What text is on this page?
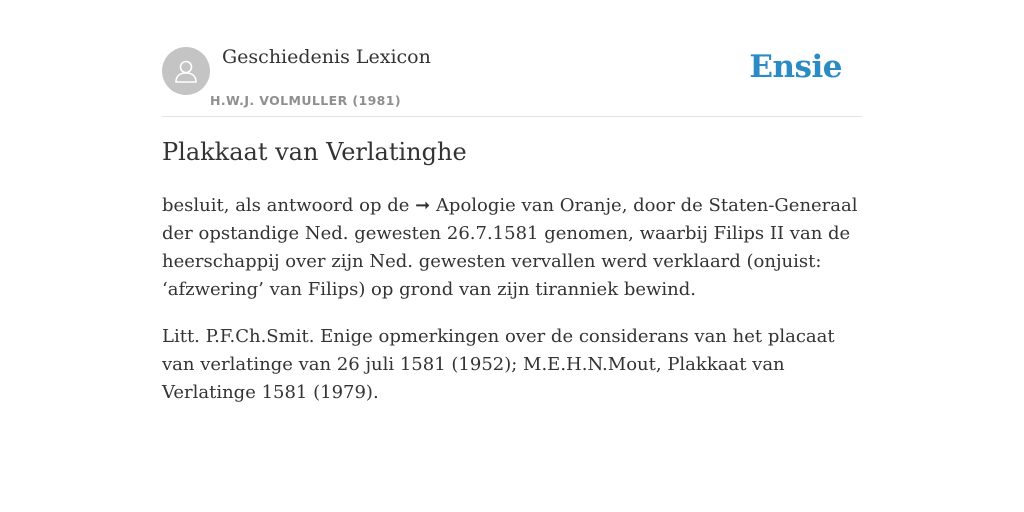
Geschiedenis Lexicon
H.W.J. VOLMULLER (1981)
Ensie
Plakkaat van Verlatinghe

besluit, als antwoord op de ➞ Apologie van Oranje, door de Staten-Generaal der opstandige Ned. gewesten 26.7.1581 genomen, waarbij Filips II van de heerschappij over zijn Ned. gewesten vervallen werd verklaard (onjuist: ‘afzwering’ van Filips) op grond van zijn tiranniek bewind.

Litt. P.F.Ch.Smit. Enige opmerkingen over de considerans van het placaat van verlatinge van 26 juli 1581 (1952); M.E.H.N.Mout, Plakkaat van Verlatinge 1581 (1979).
